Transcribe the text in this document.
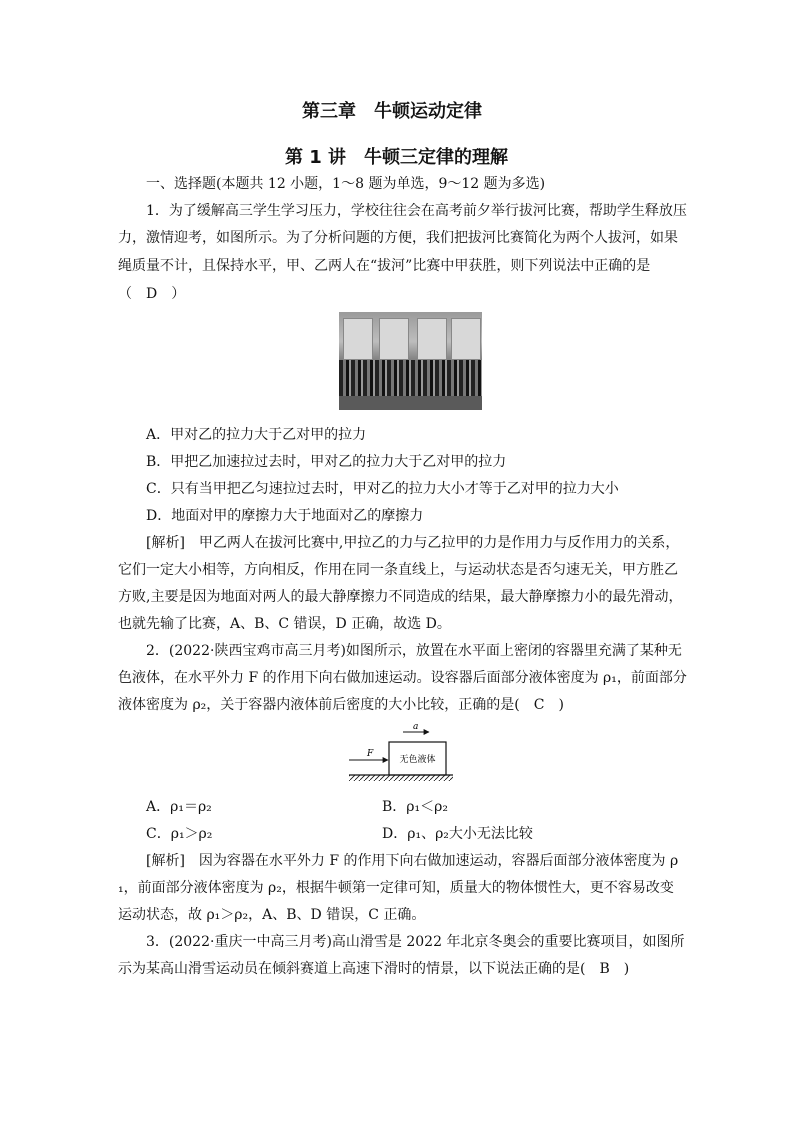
第三章　牛顿运动定律
第 1 讲　牛顿三定律的理解
一、选择题(本题共 12 小题，1～8 题为单选，9～12 题为多选)
1．为了缓解高三学生学习压力，学校往往会在高考前夕举行拔河比赛，帮助学生释放压
力，激情迎考，如图所示。为了分析问题的方便，我们把拔河比赛简化为两个人拔河，如果
绳质量不计，且保持水平，甲、乙两人在“拔河”比赛中甲获胜，则下列说法中正确的是
（　D　）
A．甲对乙的拉力大于乙对甲的拉力
B．甲把乙加速拉过去时，甲对乙的拉力大于乙对甲的拉力
C．只有当甲把乙匀速拉过去时，甲对乙的拉力大小才等于乙对甲的拉力大小
D．地面对甲的摩擦力大于地面对乙的摩擦力
[解析]　甲乙两人在拔河比赛中,甲拉乙的力与乙拉甲的力是作用力与反作用力的关系，
它们一定大小相等，方向相反，作用在同一条直线上，与运动状态是否匀速无关，甲方胜乙
方败,主要是因为地面对两人的最大静摩擦力不同造成的结果，最大静摩擦力小的最先滑动，
也就先输了比赛，A、B、C 错误，D 正确，故选 D。
2．(2022·陕西宝鸡市高三月考)如图所示，放置在水平面上密闭的容器里充满了某种无
色液体，在水平外力 F 的作用下向右做加速运动。设容器后面部分液体密度为 ρ₁，前面部分
液体密度为 ρ₂，关于容器内液体前后密度的大小比较，正确的是(　C　)
a
无色液体
F
A．ρ₁＝ρ₂	B．ρ₁＜ρ₂
C．ρ₁＞ρ₂	D．ρ₁、ρ₂大小无法比较
[解析]　因为容器在水平外力 F 的作用下向右做加速运动，容器后面部分液体密度为 ρ
₁，前面部分液体密度为 ρ₂，根据牛顿第一定律可知，质量大的物体惯性大，更不容易改变
运动状态，故 ρ₁＞ρ₂，A、B、D 错误，C 正确。
3．(2022·重庆一中高三月考)高山滑雪是 2022 年北京冬奥会的重要比赛项目，如图所
示为某高山滑雪运动员在倾斜赛道上高速下滑时的情景，以下说法正确的是(　B　)
